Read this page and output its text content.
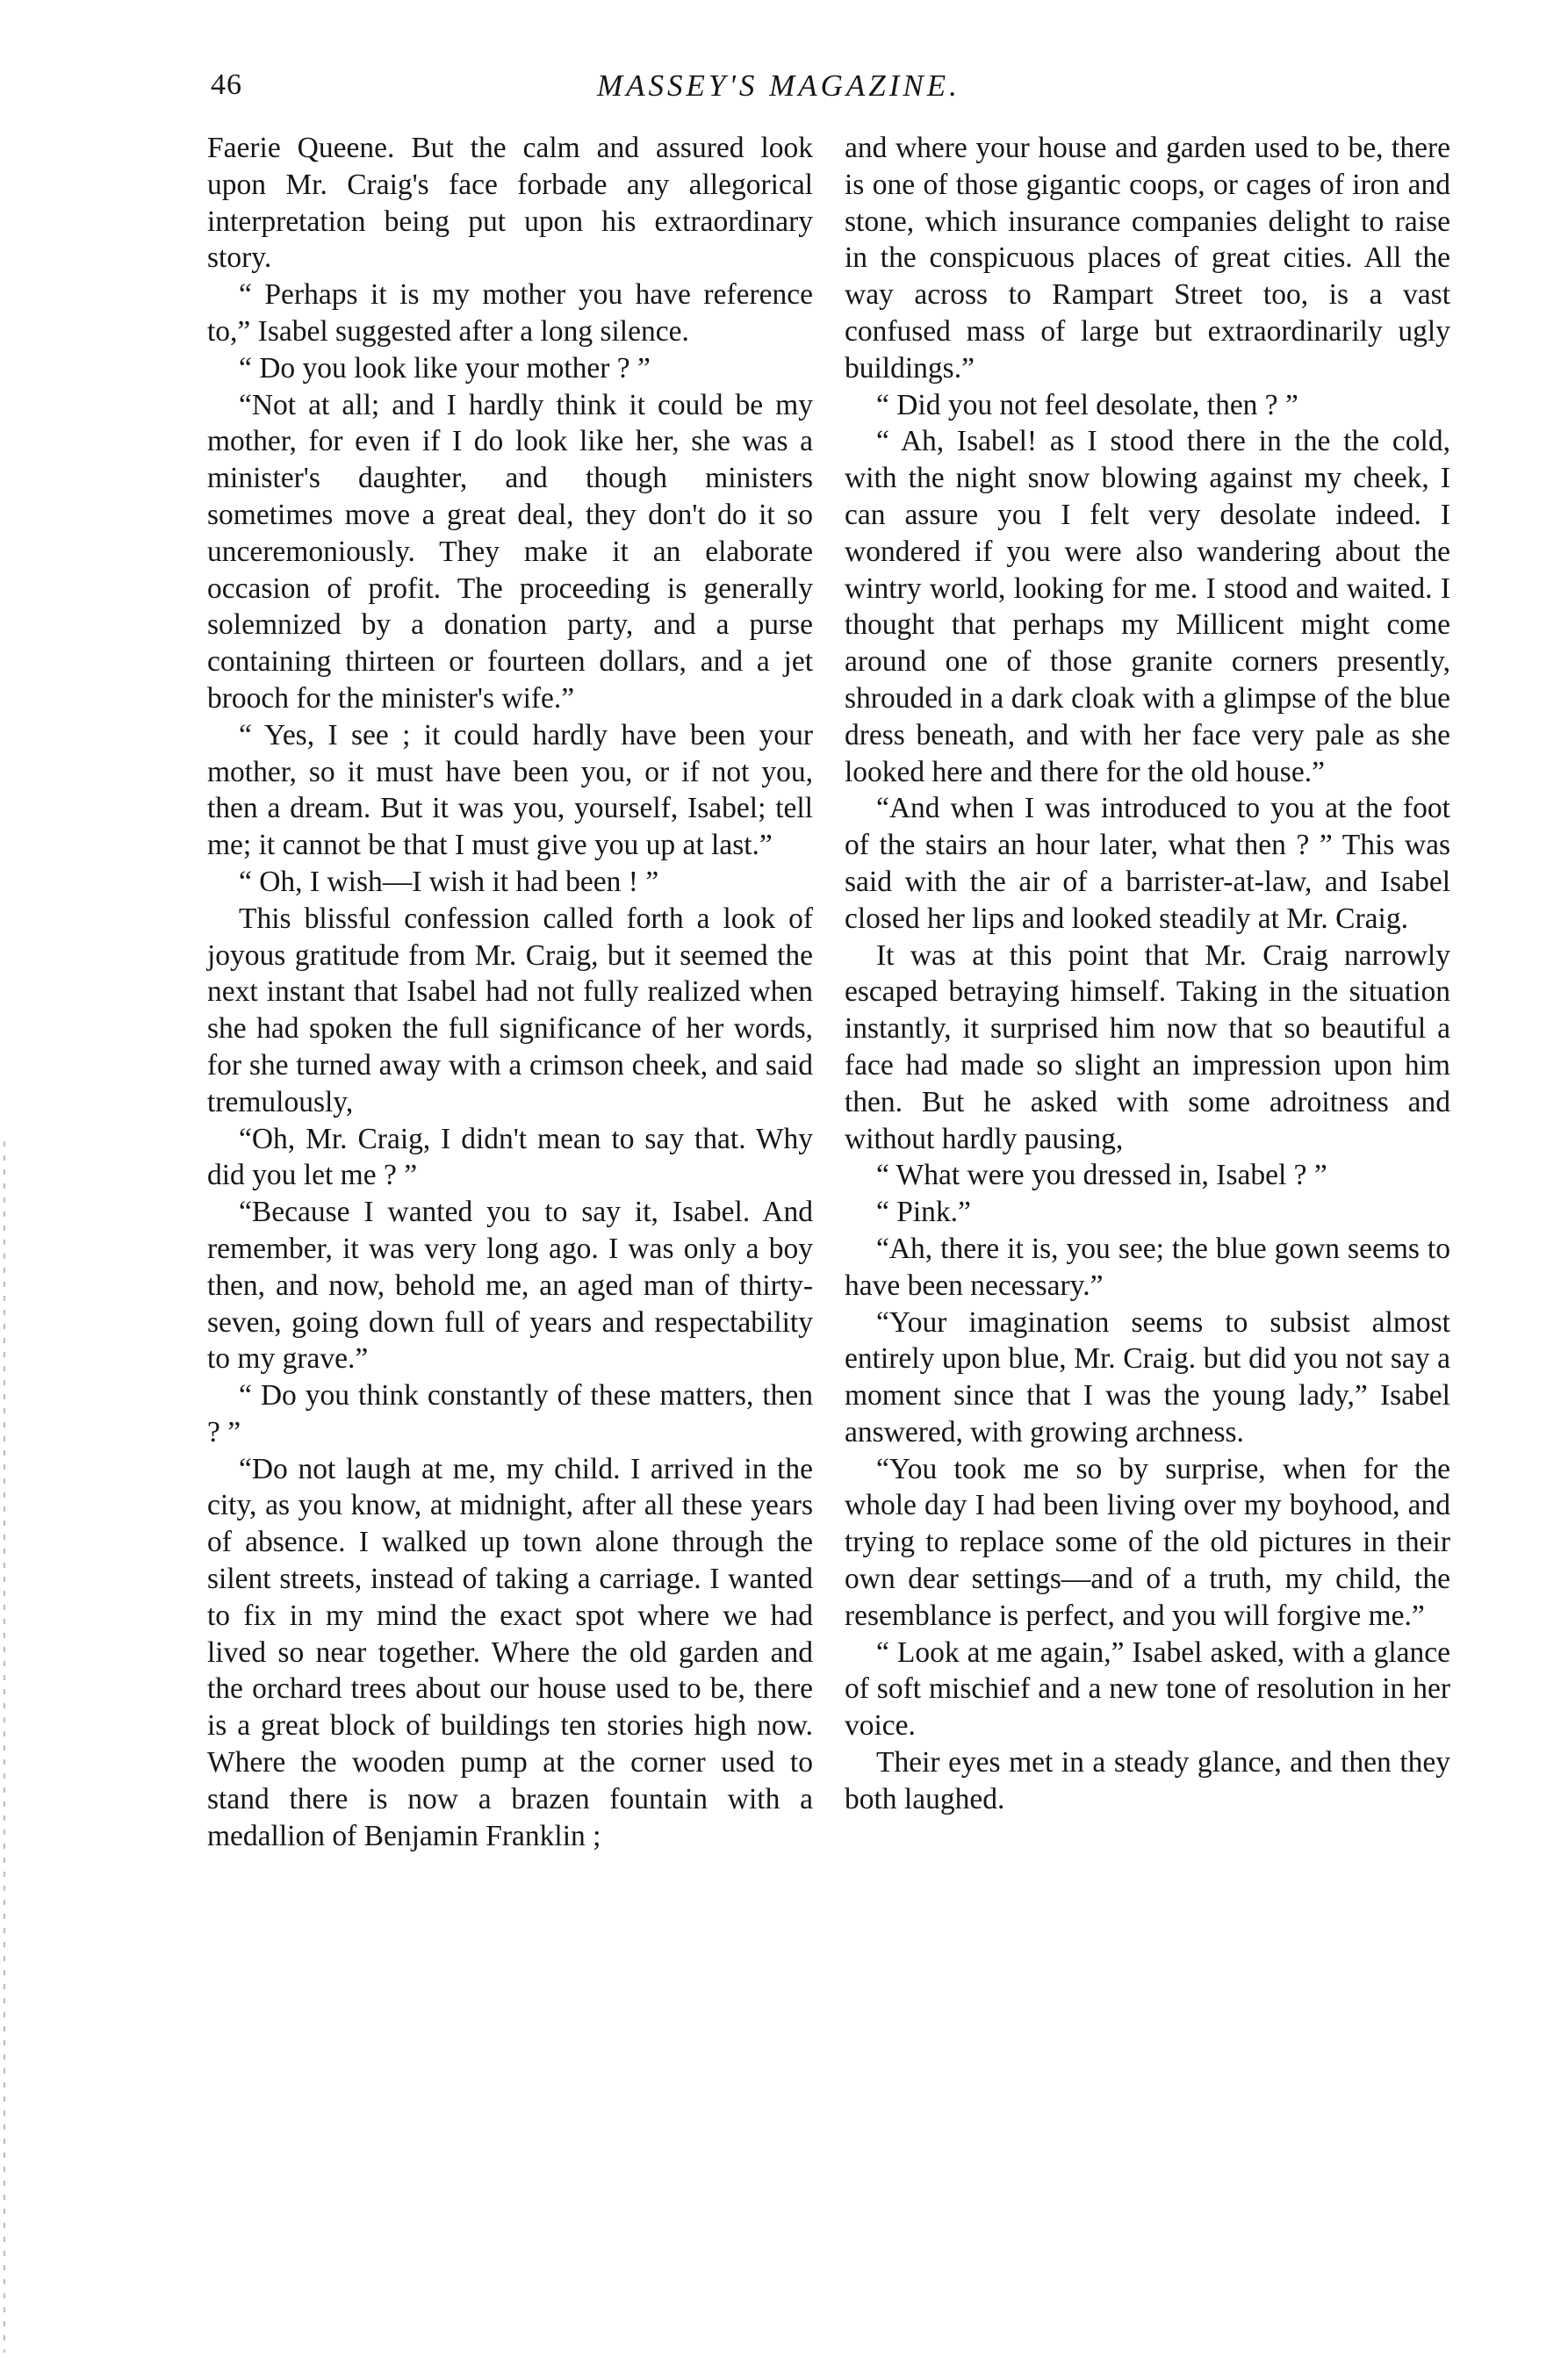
46	MASSEY'S MAGAZINE.

Faerie Queene. But the calm and assured look upon Mr. Craig's face forbade any allegorical interpretation being put upon his extraordinary story.

“ Perhaps it is my mother you have reference to,” Isabel suggested after a long silence.

“ Do you look like your mother ? ”

“Not at all; and I hardly think it could be my mother, for even if I do look like her, she was a minister's daughter, and though ministers sometimes move a great deal, they don't do it so unceremoniously. They make it an elaborate occasion of profit. The proceeding is generally solemnized by a donation party, and a purse containing thirteen or fourteen dollars, and a jet brooch for the minister's wife.”

“ Yes, I see ; it could hardly have been your mother, so it must have been you, or if not you, then a dream. But it was you, yourself, Isabel; tell me; it cannot be that I must give you up at last.”

“ Oh, I wish—I wish it had been ! ”

This blissful confession called forth a look of joyous gratitude from Mr. Craig, but it seemed the next instant that Isabel had not fully realized when she had spoken the full significance of her words, for she turned away with a crimson cheek, and said tremulously,

“Oh, Mr. Craig, I didn't mean to say that. Why did you let me ? ”

“Because I wanted you to say it, Isabel. And remember, it was very long ago. I was only a boy then, and now, behold me, an aged man of thirty-seven, going down full of years and respectability to my grave.”

“ Do you think constantly of these matters, then ? ”

“Do not laugh at me, my child. I arrived in the city, as you know, at midnight, after all these years of absence. I walked up town alone through the silent streets, instead of taking a carriage. I wanted to fix in my mind the exact spot where we had lived so near together. Where the old garden and the orchard trees about our house used to be, there is a great block of buildings ten stories high now. Where the wooden pump at the corner used to stand there is now a brazen fountain with a medallion of Benjamin Franklin ;

and where your house and garden used to be, there is one of those gigantic coops, or cages of iron and stone, which insurance companies delight to raise in the conspicuous places of great cities. All the way across to Rampart Street too, is a vast confused mass of large but extraordinarily ugly buildings.”

“ Did you not feel desolate, then ? ”

“ Ah, Isabel! as I stood there in the the cold, with the night snow blowing against my cheek, I can assure you I felt very desolate indeed. I wondered if you were also wandering about the wintry world, looking for me. I stood and waited. I thought that perhaps my Millicent might come around one of those granite corners presently, shrouded in a dark cloak with a glimpse of the blue dress beneath, and with her face very pale as she looked here and there for the old house.”

“And when I was introduced to you at the foot of the stairs an hour later, what then ? ” This was said with the air of a barrister-at-law, and Isabel closed her lips and looked steadily at Mr. Craig.

It was at this point that Mr. Craig narrowly escaped betraying himself. Taking in the situation instantly, it surprised him now that so beautiful a face had made so slight an impression upon him then. But he asked with some adroitness and without hardly pausing,

“ What were you dressed in, Isabel ? ”

“ Pink.”

“Ah, there it is, you see; the blue gown seems to have been necessary.”

“Your imagination seems to subsist almost entirely upon blue, Mr. Craig. but did you not say a moment since that I was the young lady,” Isabel answered, with growing archness.

“You took me so by surprise, when for the whole day I had been living over my boyhood, and trying to replace some of the old pictures in their own dear settings—and of a truth, my child, the resemblance is perfect, and you will forgive me.”

“ Look at me again,” Isabel asked, with a glance of soft mischief and a new tone of resolution in her voice.

Their eyes met in a steady glance, and then they both laughed.
